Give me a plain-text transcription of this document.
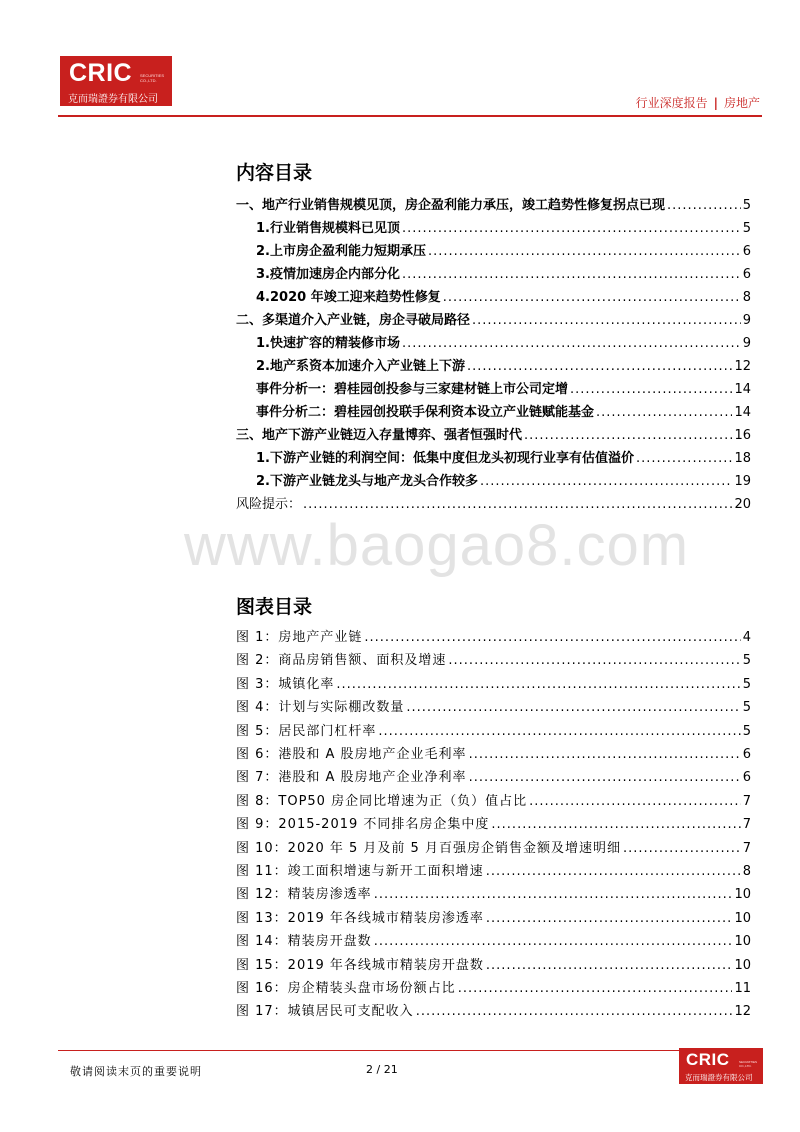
CRIC SECURITIES CO.,LTD.
克而瑞證券有限公司	行业深度报告 | 房地产
内容目录
一、地产行业销售规模见顶，房企盈利能力承压，竣工趋势性修复拐点已现 .....	5
1.行业销售规模料已见顶 .....	5
2.上市房企盈利能力短期承压 .....	6
3.疫情加速房企内部分化 .....	6
4.2020 年竣工迎来趋势性修复 .....	8
二、多渠道介入产业链，房企寻破局路径 .....	9
1.快速扩容的精装修市场 .....	9
2.地产系资本加速介入产业链上下游 .....	12
事件分析一：碧桂园创投参与三家建材链上市公司定增 .....	14
事件分析二：碧桂园创投联手保利资本设立产业链赋能基金 .....	14
三、地产下游产业链迈入存量博弈、强者恒强时代 .....	16
1.下游产业链的利润空间：低集中度但龙头初现行业享有估值溢价 .....	18
2.下游产业链龙头与地产龙头合作较多 .....	19
风险提示： .....	20
www.baogao8.com
图表目录
图 1：房地产产业链 .....	4
图 2：商品房销售额、面积及增速 .....	5
图 3：城镇化率 .....	5
图 4：计划与实际棚改数量 .....	5
图 5：居民部门杠杆率 .....	5
图 6：港股和 A 股房地产企业毛利率 .....	6
图 7：港股和 A 股房地产企业净利率 .....	6
图 8：TOP50 房企同比增速为正（负）值占比 .....	7
图 9：2015-2019 不同排名房企集中度 .....	7
图 10：2020 年 5 月及前 5 月百强房企销售金额及增速明细 .....	7
图 11：竣工面积增速与新开工面积增速 .....	8
图 12：精装房渗透率 .....	10
图 13：2019 年各线城市精装房渗透率 .....	10
图 14：精装房开盘数 .....	10
图 15：2019 年各线城市精装房开盘数 .....	10
图 16：房企精装头盘市场份额占比 .....	11
图 17：城镇居民可支配收入 .....	12
敬请阅读末页的重要说明	2 / 21
CRIC	SECURITIES CO.,LTD.
克而瑞證券有限公司
